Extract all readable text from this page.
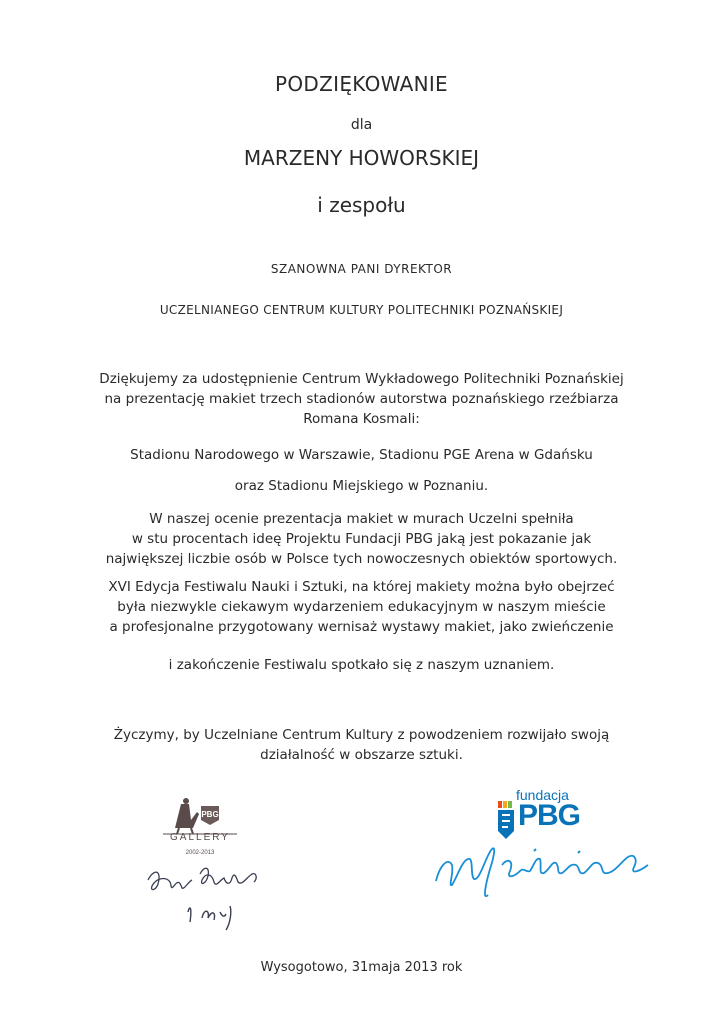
PODZIĘKOWANIE
dla
MARZENY HOWORSKIEJ
i zespołu
SZANOWNA PANI DYREKTOR
UCZELNIANEGO CENTRUM KULTURY POLITECHNIKI POZNAŃSKIEJ
Dziękujemy za udostępnienie Centrum Wykładowego Politechniki Poznańskiej
na prezentację makiet trzech stadionów autorstwa poznańskiego rzeźbiarza
Romana Kosmali:
Stadionu Narodowego w Warszawie, Stadionu PGE Arena w Gdańsku
oraz Stadionu Miejskiego w Poznaniu.
W naszej ocenie prezentacja makiet w murach Uczelni spełniła
w stu procentach ideę Projektu Fundacji PBG jaką jest pokazanie jak
największej liczbie osób w Polsce tych nowoczesnych obiektów sportowych.
XVI Edycja Festiwalu Nauki i Sztuki, na której makiety można było obejrzeć
była niezwykle ciekawym wydarzeniem edukacyjnym w naszym mieście
a profesjonalne przygotowany wernisaż wystawy makiet, jako zwieńczenie
i zakończenie Festiwalu spotkało się z naszym uznaniem.
Życzymy, by Uczelniane Centrum Kultury z powodzeniem rozwijało swoją
działalność w obszarze sztuki.
PBG
GALLERY
2002-2013
fundacja
PBG
Wysogotowo, 31maja 2013 rok
